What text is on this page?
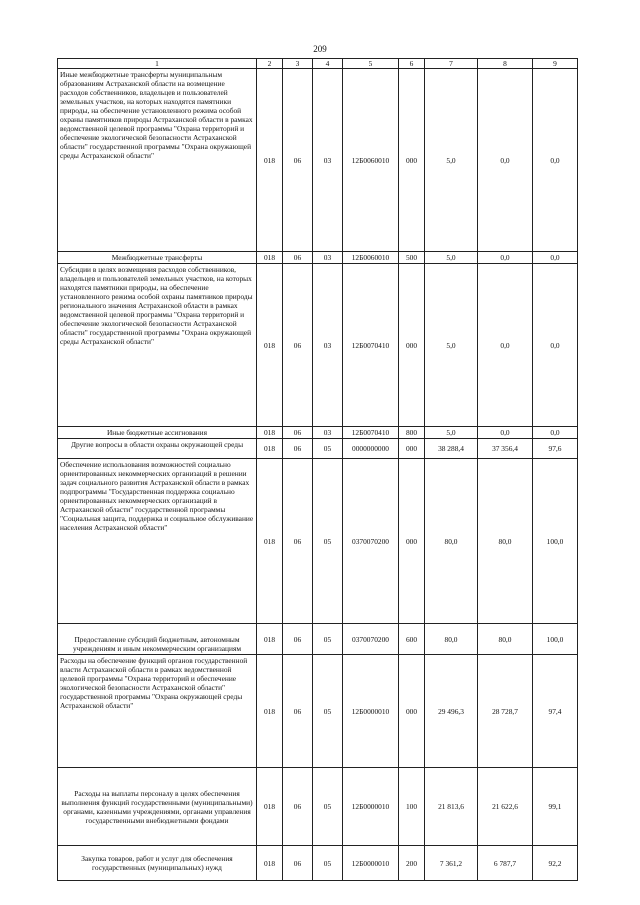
209
1	2	3	4	5	6	7	8	9
Иные межбюджетные трансферты муниципальным образованиям Астраханской области на возмещение расходов собственников, владельцев и пользователей земельных участков, на которых находятся памятники природы, на обеспечение установленного режима особой охраны памятников природы Астраханской области в рамках ведомственной целевой программы "Охрана территорий и обеспечение экологической безопасности Астраханской области" государственной программы "Охрана окружающей среды Астраханской области"	018	06	03	12Б0060010	000	5,0	0,0	0,0
Межбюджетные трансферты	018	06	03	12Б0060010	500	5,0	0,0	0,0
Субсидии в целях возмещения расходов собственников, владельцев и пользователей земельных участков, на которых находятся памятники природы, на обеспечение установленного режима особой охраны памятников природы регионального значения Астраханской области в рамках ведомственной целевой программы "Охрана территорий и обеспечение экологической безопасности Астраханской области" государственной программы "Охрана окружающей среды Астраханской области"	018	06	03	12Б0070410	000	5,0	0,0	0,0
Иные бюджетные ассигнования	018	06	03	12Б0070410	800	5,0	0,0	0,0
Другие вопросы в области охраны окружающей среды	018	06	05	0000000000	000	38 288,4	37 356,4	97,6
Обеспечение использования возможностей социально ориентированных некоммерческих организаций в решении задач социального развития Астраханской области в рамках подпрограммы "Государственная поддержка социально ориентированных некоммерческих организаций в Астраханской области" государственной программы "Социальная защита, поддержка и социальное обслуживание населения Астраханской области"	018	06	05	0370070200	000	80,0	80,0	100,0
Предоставление субсидий бюджетным, автономным учреждениям и иным некоммерческим организациям	018	06	05	0370070200	600	80,0	80,0	100,0
Расходы на обеспечение функций органов государственной власти Астраханской области в рамках ведомственной целевой программы "Охрана территорий и обеспечение экологической безопасности Астраханской области" государственной программы "Охрана окружающей среды Астраханской области"	018	06	05	12Б0000010	000	29 496,3	28 728,7	97,4
Расходы на выплаты персоналу в целях обеспечения выполнения функций государственными (муниципальными) органами, казенными учреждениями, органами управления государственными внебюджетными фондами	018	06	05	12Б0000010	100	21 813,6	21 622,6	99,1
Закупка товаров, работ и услуг для обеспечения государственных (муниципальных) нужд	018	06	05	12Б0000010	200	7 361,2	6 787,7	92,2
